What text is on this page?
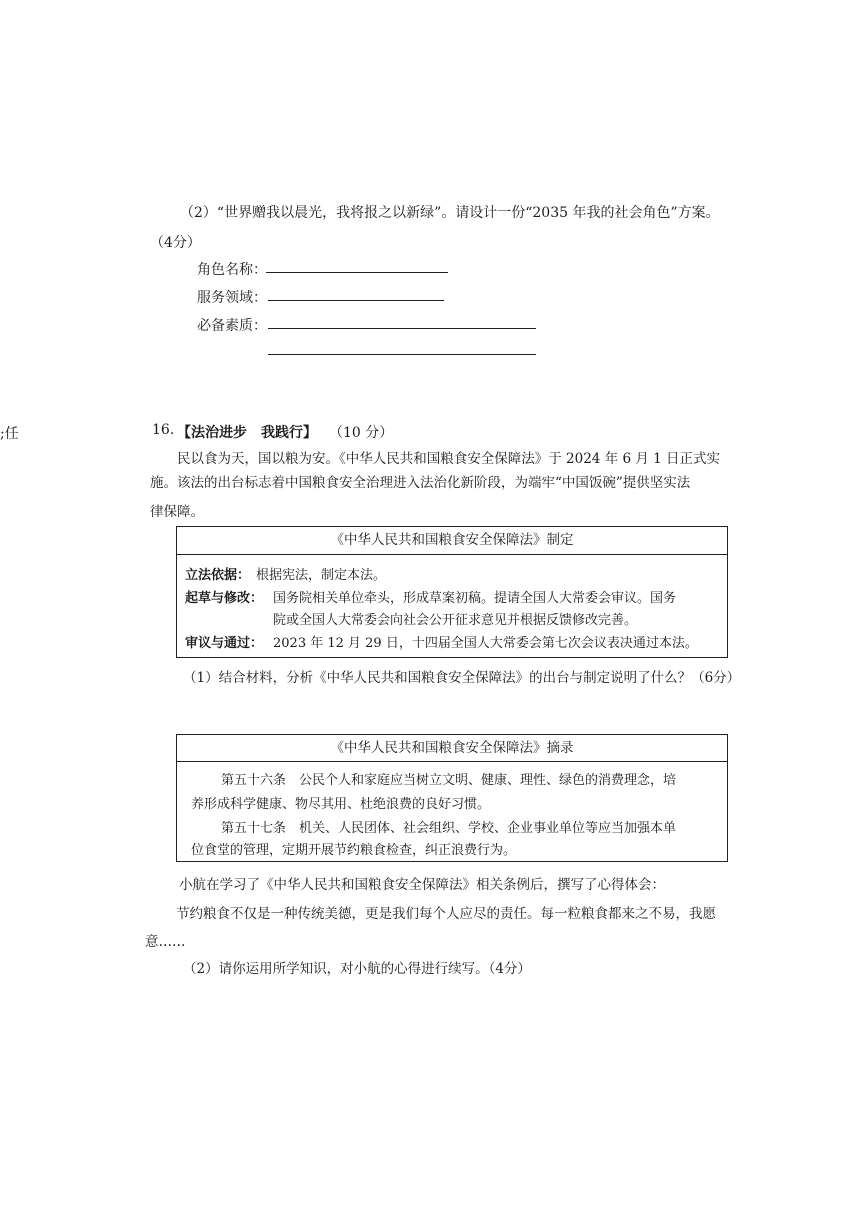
;任
（2）“世界赠我以晨光，我将报之以新绿”。请设计一份“2035 年我的社会角色”方案。
（4分）
角色名称：
服务领域：
必备素质：
16. 【法治进步　我践行】 （10 分）
民以食为天，国以粮为安。《中华人民共和国粮食安全保障法》于 2024 年 6 月 1 日正式实
施。该法的出台标志着中国粮食安全治理进入法治化新阶段，为端牢“中国饭碗”提供坚实法
律保障。
《中华人民共和国粮食安全保障法》制定
立法依据： 根据宪法，制定本法。
起草与修改： 国务院相关单位牵头，形成草案初稿。提请全国人大常委会审议。国务
院或全国人大常委会向社会公开征求意见并根据反馈修改完善。
审议与通过： 2023 年 12 月 29 日，十四届全国人大常委会第七次会议表决通过本法。
（1）结合材料，分析《中华人民共和国粮食安全保障法》的出台与制定说明了什么？（6分）
《中华人民共和国粮食安全保障法》摘录
第五十六条　公民个人和家庭应当树立文明、健康、理性、绿色的消费理念，培
养形成科学健康、物尽其用、杜绝浪费的良好习惯。
第五十七条　机关、人民团体、社会组织、学校、企业事业单位等应当加强本单
位食堂的管理，定期开展节约粮食检查，纠正浪费行为。
小航在学习了《中华人民共和国粮食安全保障法》相关条例后，撰写了心得体会：
节约粮食不仅是一种传统美德，更是我们每个人应尽的责任。每一粒粮食都来之不易，我愿
意……
（2）请你运用所学知识，对小航的心得进行续写。（4分）
